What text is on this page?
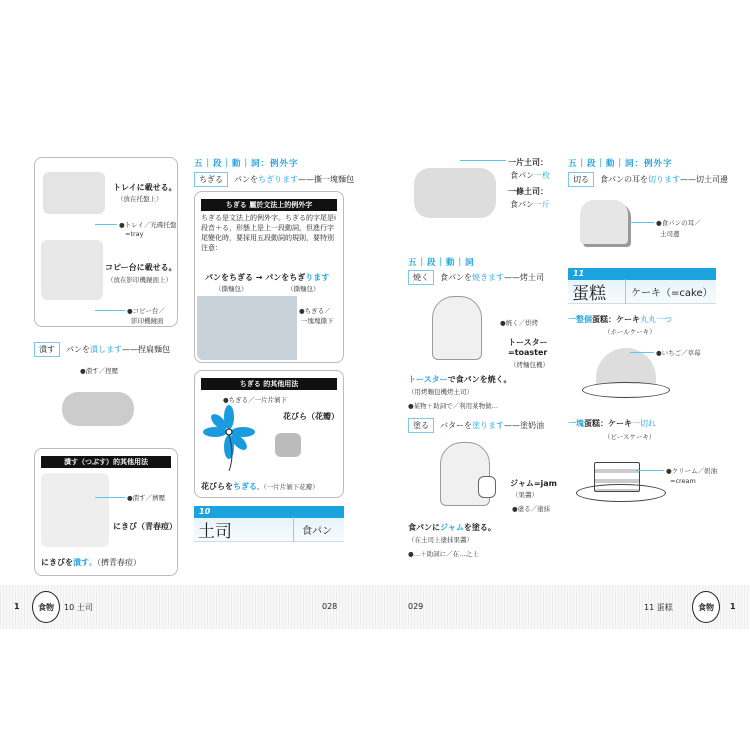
トレイに載せる。
（放在托盤上）
●トレイ／光碟托盤
=tray
コピー台に載せる。
（放在影印機鏡面上）
●コピー台／
影印機鏡面
潰す パンを潰します——捏扁麵包
●潰す／捏壓
潰す（つぶす）的其他用法
●潰す／擠壓
にきび（青春痘）
にきびを潰す。（擠青春痘）
五｜段｜動｜詞：例外字
ちぎる パンをちぎります——撕一塊麵包
ちぎる 屬於文法上的例外字
ちぎる是文法上的例外字。ちぎる的字尾是i段音＋る，形態上是上一段動詞，但進行字尾變化時，要採用五段動詞的規則，要特別注意：
パンをちぎる → パンをちぎります
（撕麵包）	（撕麵包）
●ちぎる／
一塊塊撕下
ちぎる 的其他用法
●ちぎる／一片片剝下
花びら（花瓣）
花びらをちぎる。（一片片剝下花瓣）
10
土司	食パン
一片土司：
食パン一枚
一條土司：
食パン一斤
五｜段｜動｜詞
焼く 食パンを焼きます——烤土司
●焼く／烘烤
トースター
=toaster
（烤麵包機）
トースターで食パンを焼く。
（用烤麵包機烤土司）
●某物＋助詞で／利用某物做…
塗る バターを塗ります——塗奶油
ジャム=jam
（果醬）
●塗る／塗抹
食パンにジャムを塗る。
（在土司上塗抹果醬）
●…＋助詞に／在…之上
五｜段｜動｜詞：例外字
切る 食パンの耳を切ります——切土司邊
●食パンの耳／
土司邊
11
蛋糕	ケーキ（=cake）
一整個蛋糕：ケーキ丸丸一つ
（ホールケーキ）
●いちご／草莓
一塊蛋糕：ケーキ一切れ
（ピースケーキ）
●クリーム／奶油
=cream
1	食物	10 土司	028	029	11 蛋糕	食物	1
